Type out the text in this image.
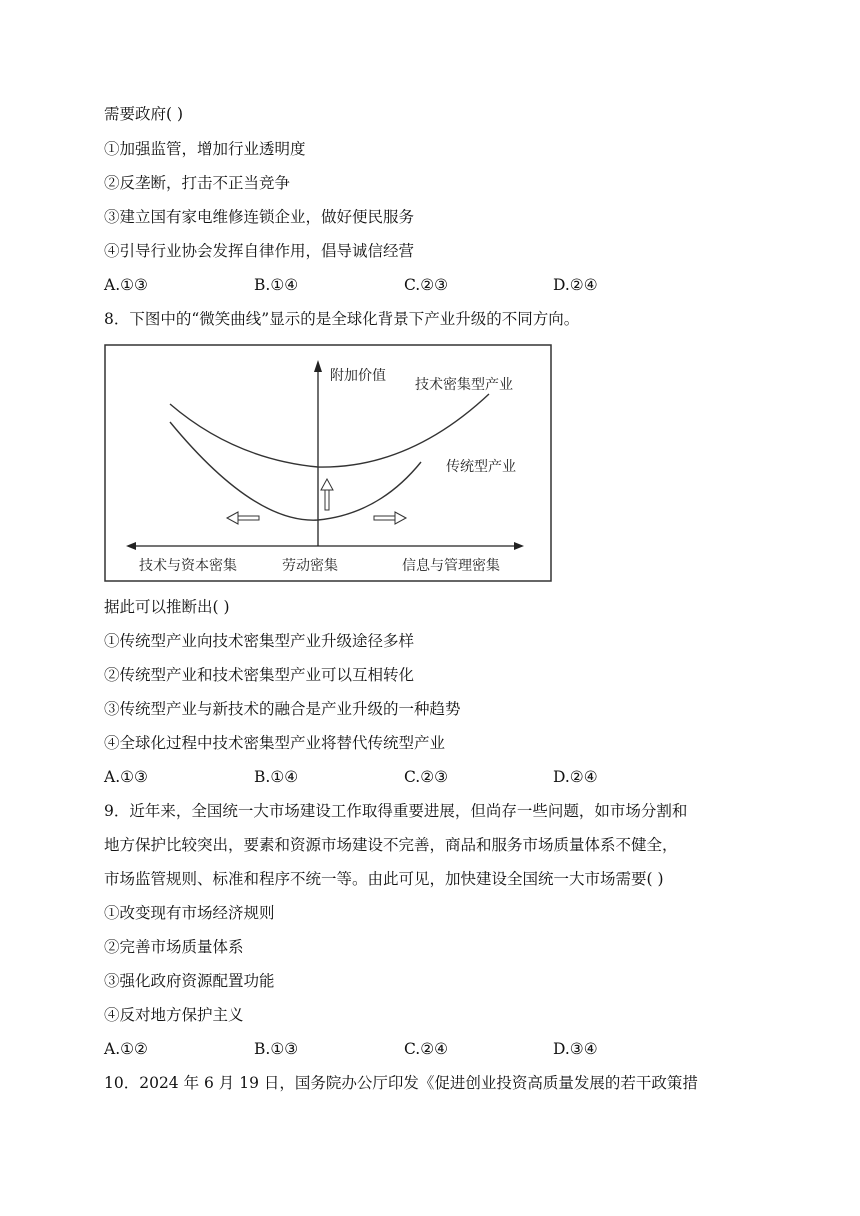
需要政府( )
①加强监管，增加行业透明度
②反垄断，打击不正当竞争
③建立国有家电维修连锁企业，做好便民服务
④引导行业协会发挥自律作用，倡导诚信经营
A.①③	B.①④	C.②③	D.②④
8．下图中的“微笑曲线”显示的是全球化背景下产业升级的不同方向。
附加价值
技术密集型产业
传统型产业
技术与资本密集	劳动密集	信息与管理密集
据此可以推断出( )
①传统型产业向技术密集型产业升级途径多样
②传统型产业和技术密集型产业可以互相转化
③传统型产业与新技术的融合是产业升级的一种趋势
④全球化过程中技术密集型产业将替代传统型产业
A.①③	B.①④	C.②③	D.②④
9．近年来，全国统一大市场建设工作取得重要进展，但尚存一些问题，如市场分割和
地方保护比较突出，要素和资源市场建设不完善，商品和服务市场质量体系不健全，
市场监管规则、标准和程序不统一等。由此可见，加快建设全国统一大市场需要( )
①改变现有市场经济规则
②完善市场质量体系
③强化政府资源配置功能
④反对地方保护主义
A.①②	B.①③	C.②④	D.③④
10．2024 年 6 月 19 日，国务院办公厅印发《促进创业投资高质量发展的若干政策措
